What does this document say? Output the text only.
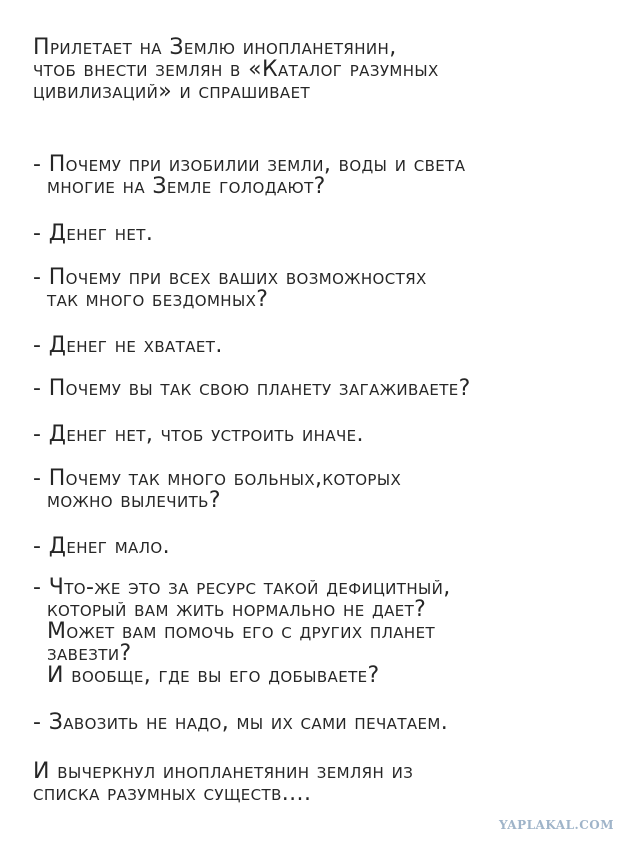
Прилетает на Землю инопланетянин,
чтоб внести землян в «Каталог разумных
цивилизаций» и спрашивает

- Почему при изобилии земли, воды и света
многие на Земле голодают?

- Денег нет.

- Почему при всех ваших возможностях
так много бездомных?

- Денег не хватает.

- Почему вы так свою планету загаживаете?

- Денег нет, чтоб устроить иначе.

- Почему так много больных,которых
можно вылечить?

- Денег мало.

- Что-же это за ресурс такой дефицитный,
который вам жить нормально не дает?
Может вам помочь его с других планет
завезти?
И вообще, где вы его добываете?

- Завозить не надо, мы их сами печатаем.

И вычеркнул инопланетянин землян из
списка разумных существ....

YAPLAKAL.COM
